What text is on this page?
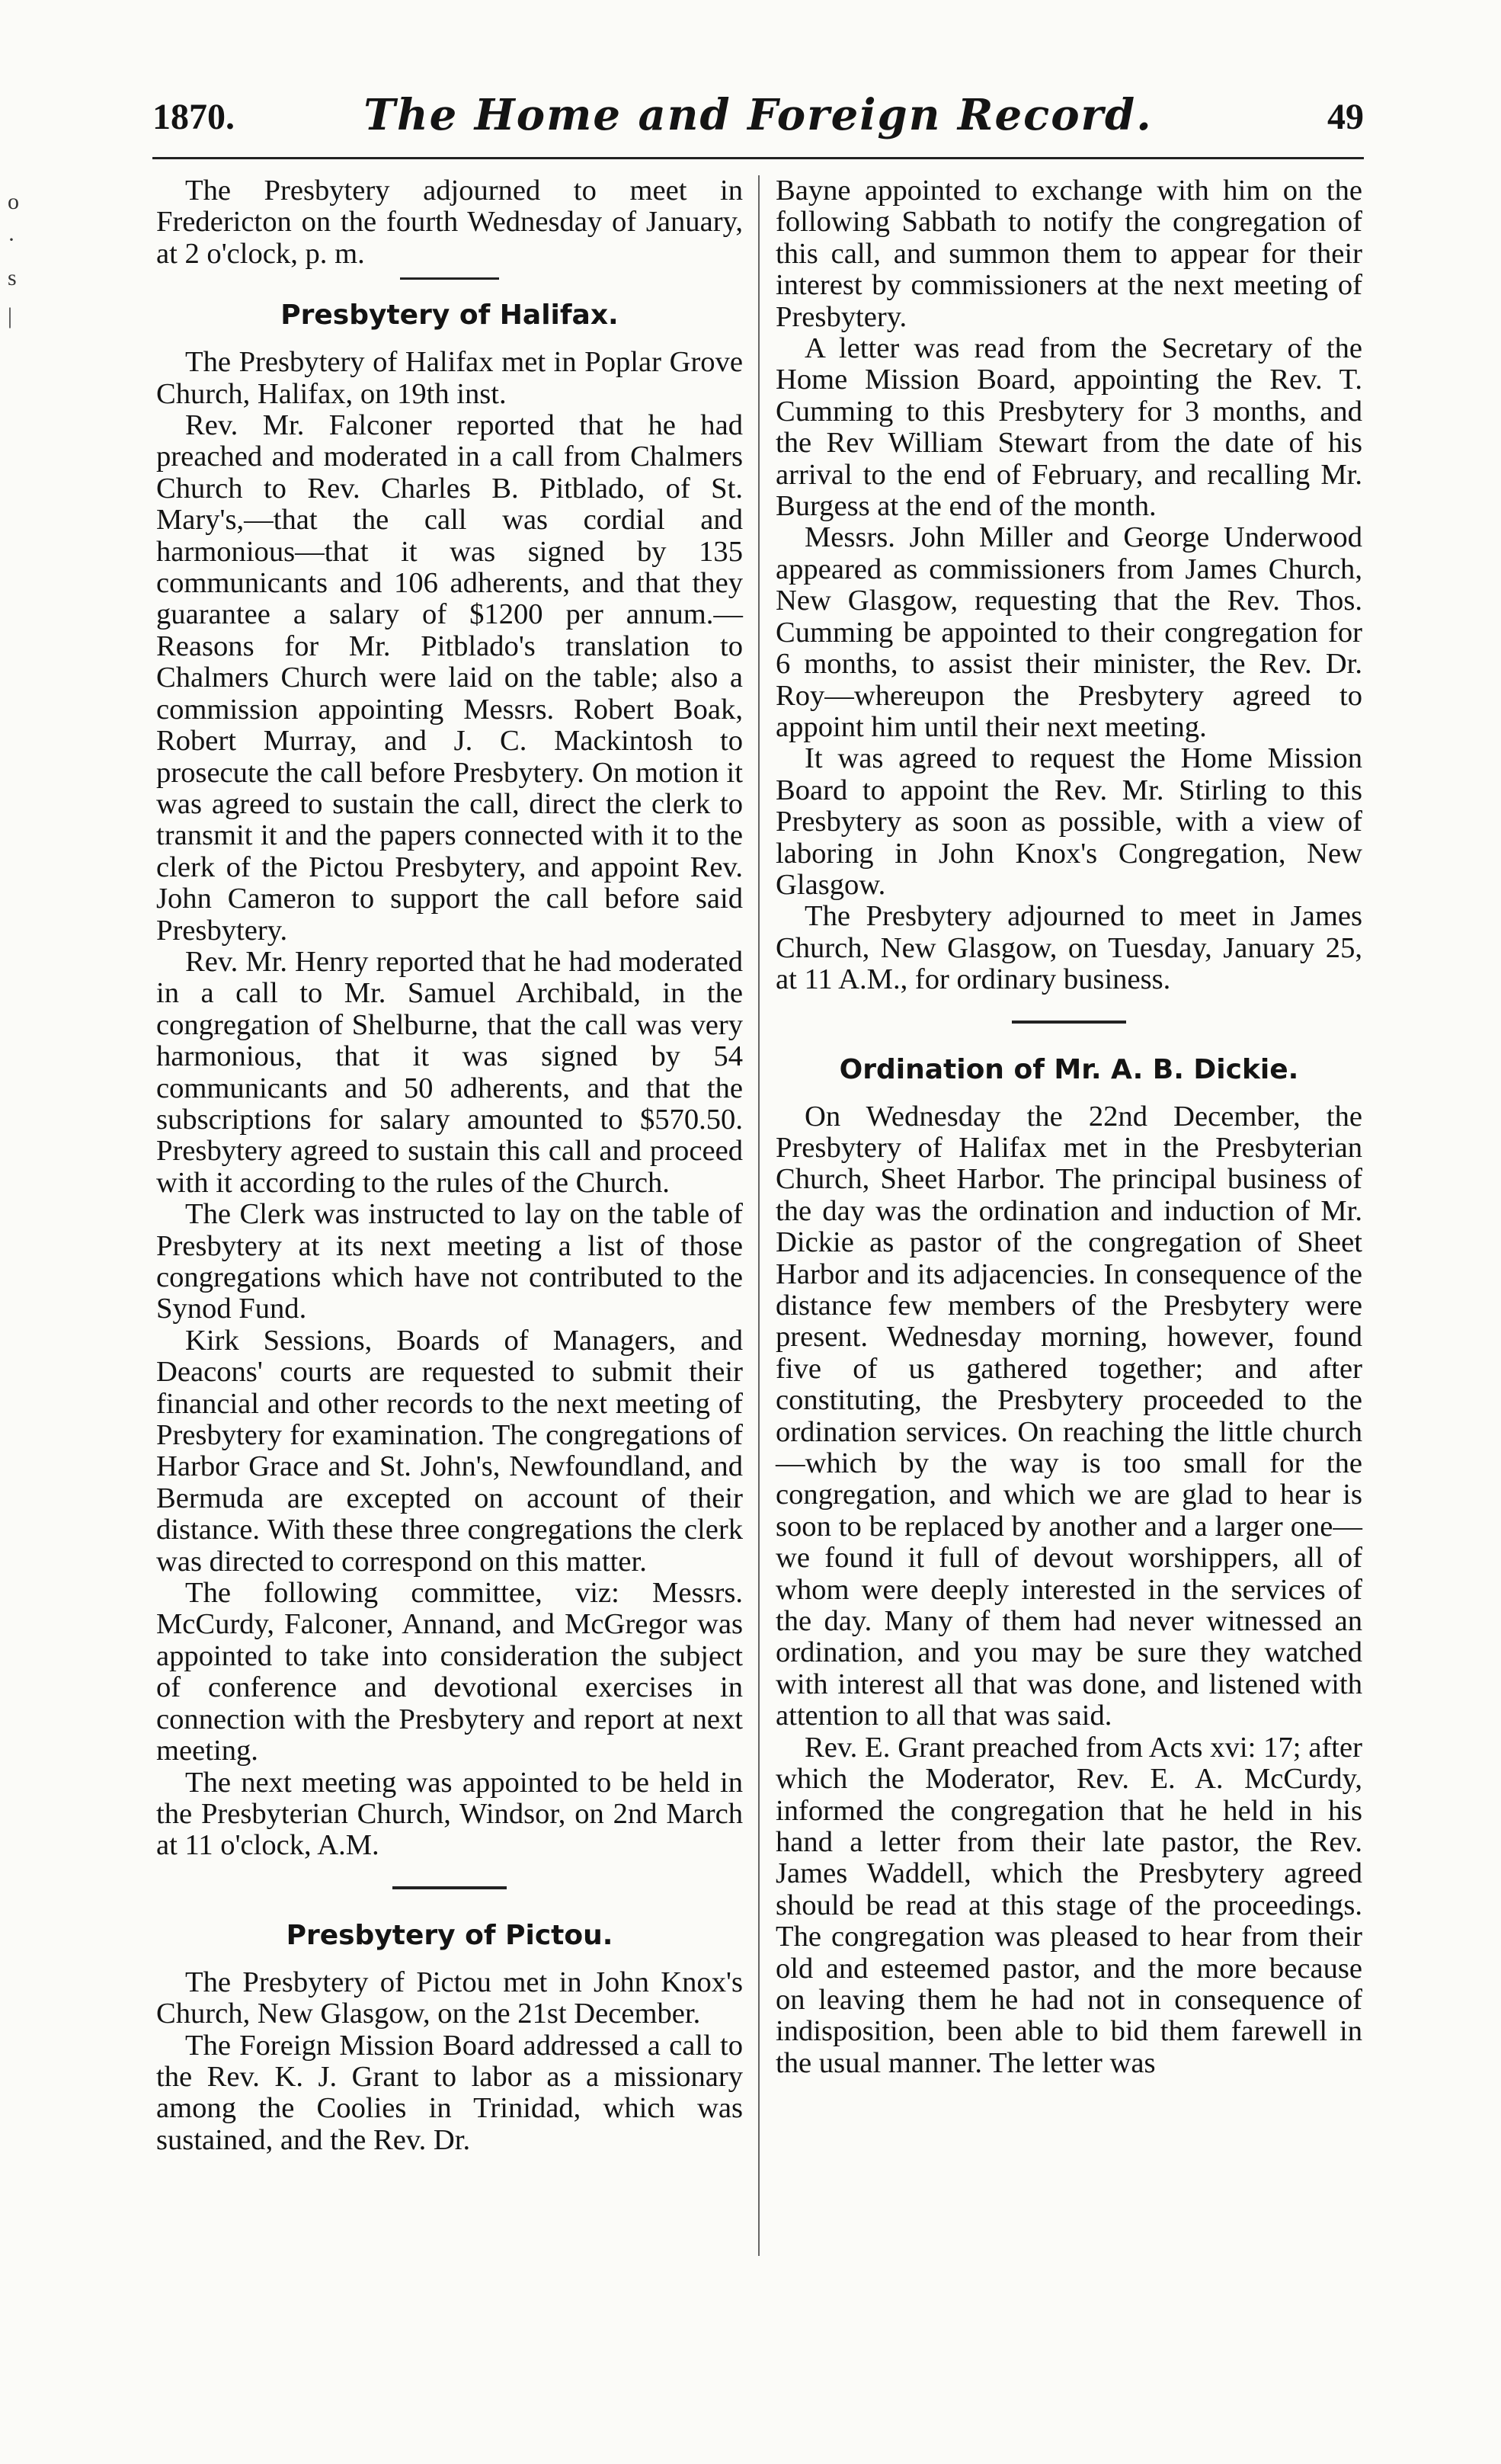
1870.	The Home and Foreign Record.	49
o
·
s
|

The Presbytery adjourned to meet in Fredericton on the fourth Wednesday of January, at 2 o'clock, p. m.

Presbytery of Halifax.

The Presbytery of Halifax met in Poplar Grove Church, Halifax, on 19th inst.

Rev. Mr. Falconer reported that he had preached and moderated in a call from Chalmers Church to Rev. Charles B. Pitblado, of St. Mary's,—that the call was cordial and harmonious—that it was signed by 135 communicants and 106 adherents, and that they guarantee a salary of $1200 per annum.—Reasons for Mr. Pitblado's translation to Chalmers Church were laid on the table; also a commission appointing Messrs. Robert Boak, Robert Murray, and J. C. Mackintosh to prosecute the call before Presbytery. On motion it was agreed to sustain the call, direct the clerk to transmit it and the papers connected with it to the clerk of the Pictou Presbytery, and appoint Rev. John Cameron to support the call before said Presbytery.

Rev. Mr. Henry reported that he had moderated in a call to Mr. Samuel Archibald, in the congregation of Shelburne, that the call was very harmonious, that it was signed by 54 communicants and 50 adherents, and that the subscriptions for salary amounted to $570.50. Presbytery agreed to sustain this call and proceed with it according to the rules of the Church.

The Clerk was instructed to lay on the table of Presbytery at its next meeting a list of those congregations which have not contributed to the Synod Fund.

Kirk Sessions, Boards of Managers, and Deacons' courts are requested to submit their financial and other records to the next meeting of Presbytery for examination. The congregations of Harbor Grace and St. John's, Newfoundland, and Bermuda are excepted on account of their distance. With these three congregations the clerk was directed to correspond on this matter.

The following committee, viz: Messrs. McCurdy, Falconer, Annand, and McGregor was appointed to take into consideration the subject of conference and devotional exercises in connection with the Presbytery and report at next meeting.

The next meeting was appointed to be held in the Presbyterian Church, Windsor, on 2nd March at 11 o'clock, A.M.

Presbytery of Pictou.

The Presbytery of Pictou met in John Knox's Church, New Glasgow, on the 21st December.

The Foreign Mission Board addressed a call to the Rev. K. J. Grant to labor as a missionary among the Coolies in Trinidad, which was sustained, and the Rev. Dr.

Bayne appointed to exchange with him on the following Sabbath to notify the congregation of this call, and summon them to appear for their interest by commissioners at the next meeting of Presbytery.

A letter was read from the Secretary of the Home Mission Board, appointing the Rev. T. Cumming to this Presbytery for 3 months, and the Rev William Stewart from the date of his arrival to the end of February, and recalling Mr. Burgess at the end of the month.

Messrs. John Miller and George Underwood appeared as commissioners from James Church, New Glasgow, requesting that the Rev. Thos. Cumming be appointed to their congregation for 6 months, to assist their minister, the Rev. Dr. Roy—whereupon the Presbytery agreed to appoint him until their next meeting.

It was agreed to request the Home Mission Board to appoint the Rev. Mr. Stirling to this Presbytery as soon as possible, with a view of laboring in John Knox's Congregation, New Glasgow.

The Presbytery adjourned to meet in James Church, New Glasgow, on Tuesday, January 25, at 11 A.M., for ordinary business.

Ordination of Mr. A. B. Dickie.

On Wednesday the 22nd December, the Presbytery of Halifax met in the Presbyterian Church, Sheet Harbor. The principal business of the day was the ordination and induction of Mr. Dickie as pastor of the congregation of Sheet Harbor and its adjacencies. In consequence of the distance few members of the Presbytery were present. Wednesday morning, however, found five of us gathered together; and after constituting, the Presbytery proceeded to the ordination services. On reaching the little church—which by the way is too small for the congregation, and which we are glad to hear is soon to be replaced by another and a larger one—we found it full of devout worshippers, all of whom were deeply interested in the services of the day. Many of them had never witnessed an ordination, and you may be sure they watched with interest all that was done, and listened with attention to all that was said.

Rev. E. Grant preached from Acts xvi: 17; after which the Moderator, Rev. E. A. McCurdy, informed the congregation that he held in his hand a letter from their late pastor, the Rev. James Waddell, which the Presbytery agreed should be read at this stage of the proceedings. The congregation was pleased to hear from their old and esteemed pastor, and the more because on leaving them he had not in consequence of indisposition, been able to bid them farewell in the usual manner. The letter was
